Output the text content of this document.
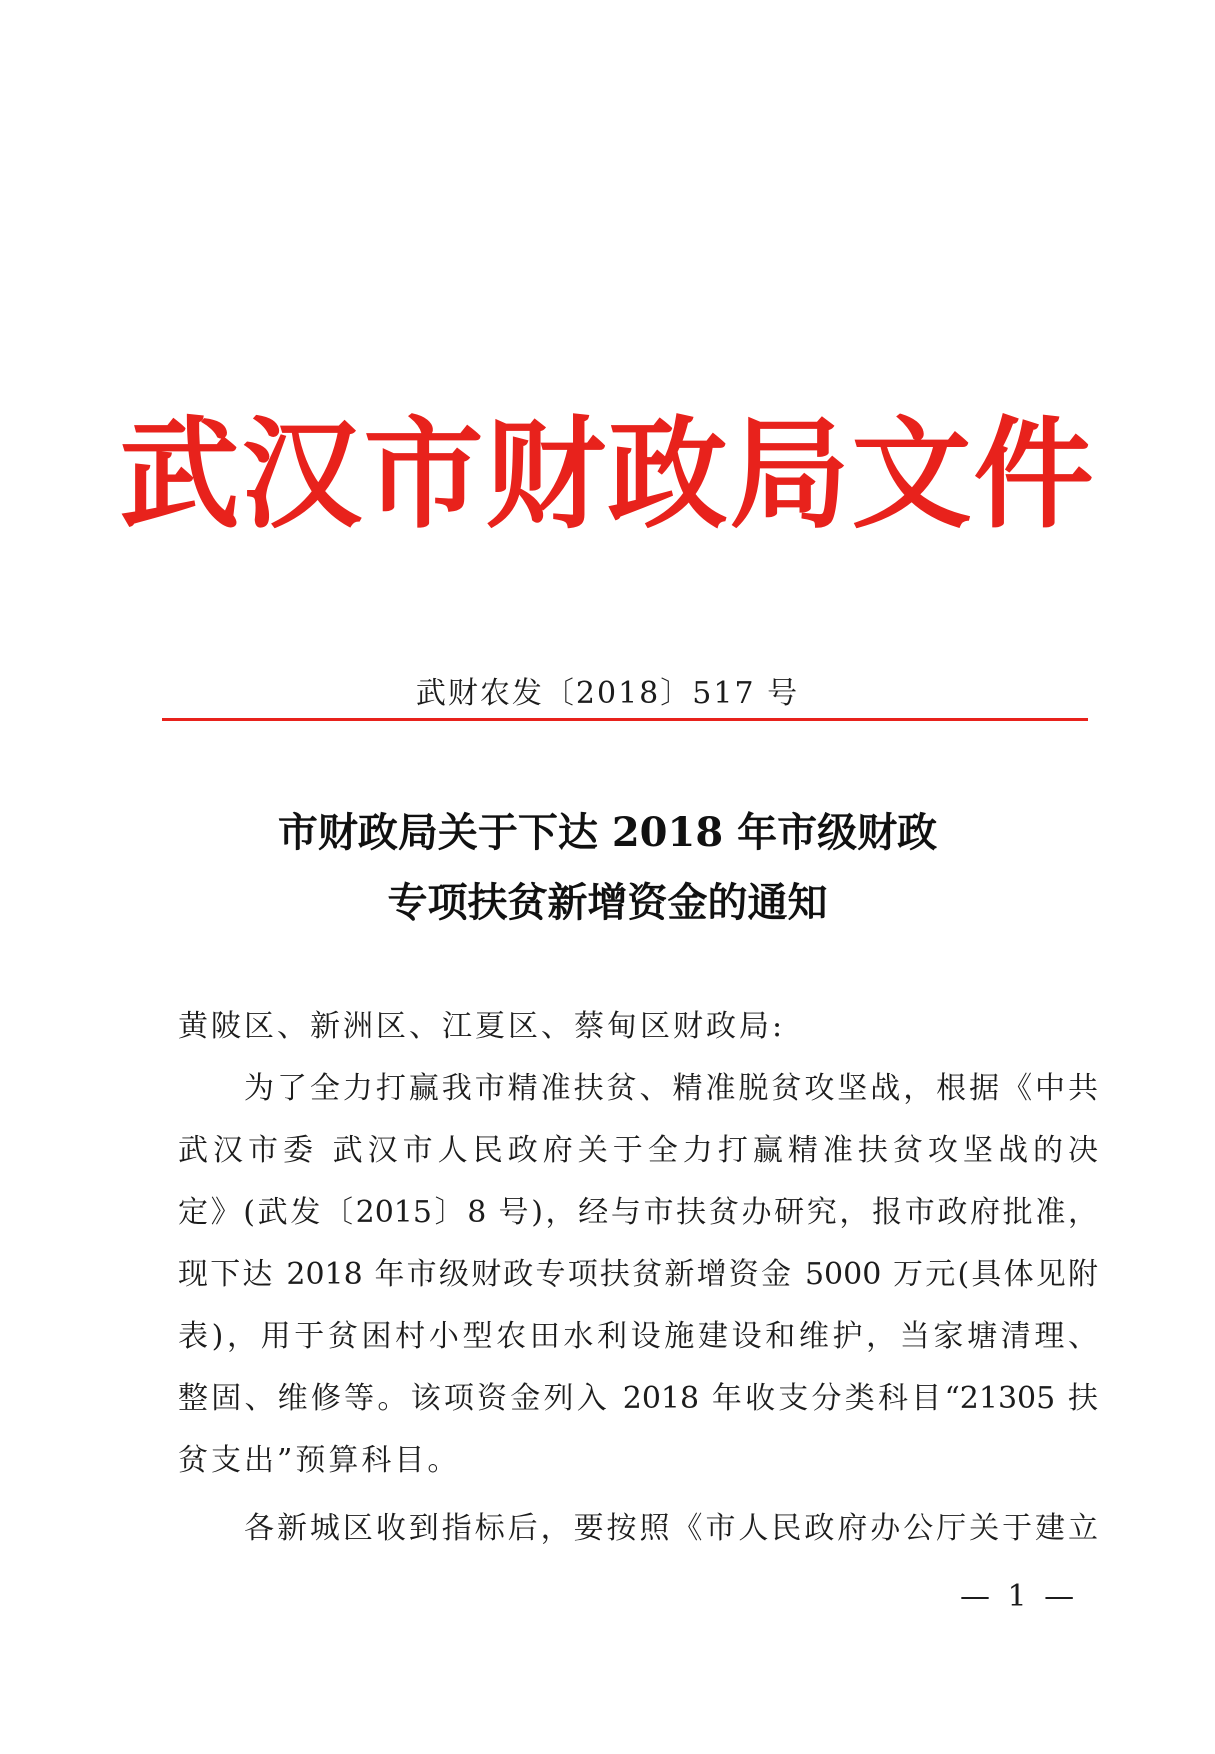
武汉市财政局文件
武财农发〔2018〕517 号
市财政局关于下达 2018 年市级财政
专项扶贫新增资金的通知
黄陂区、新洲区、江夏区、蔡甸区财政局:
为了全力打赢我市精准扶贫、精准脱贫攻坚战，根据《中共
武汉市委 武汉市人民政府关于全力打赢精准扶贫攻坚战的决
定》(武发〔2015〕8 号)，经与市扶贫办研究，报市政府批准，
现下达 2018 年市级财政专项扶贫新增资金 5000 万元(具体见附
表)，用于贫困村小型农田水利设施建设和维护，当家塘清理、
整固、维修等。该项资金列入 2018 年收支分类科目“21305 扶
贫支出”预算科目。
各新城区收到指标后，要按照《市人民政府办公厅关于建立
— 1 —
